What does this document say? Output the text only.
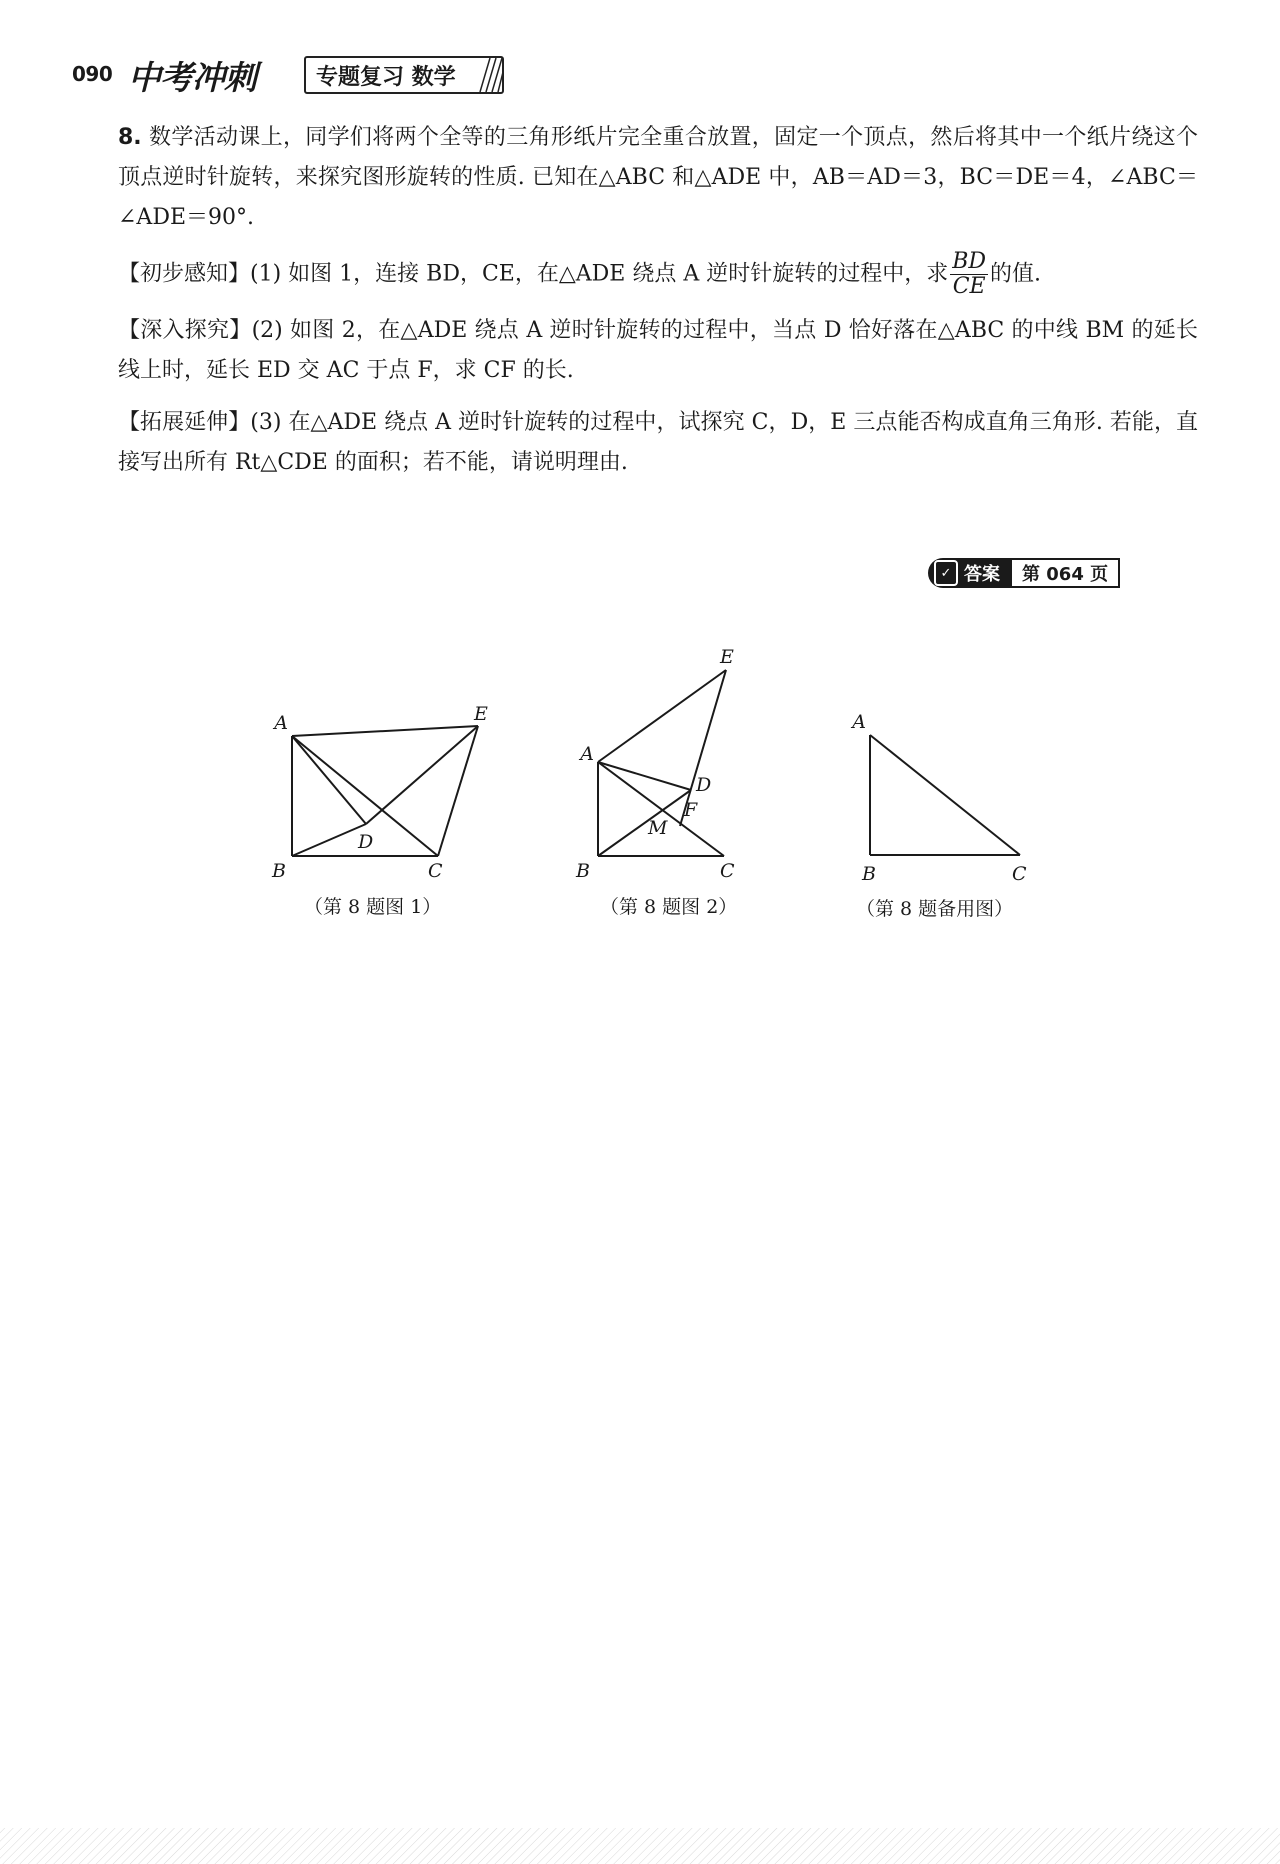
090 中考冲刺	专题复习 数学

8. 数学活动课上，同学们将两个全等的三角形纸片完全重合放置，固定一个顶点，然后将其中一个纸片绕这个顶点逆时针旋转，来探究图形旋转的性质. 已知在△ABC 和△ADE 中，AB＝AD＝3，BC＝DE＝4，∠ABC＝∠ADE＝90°.

【初步感知】(1) 如图 1，连接 BD，CE，在△ADE 绕点 A 逆时针旋转的过程中，求 $\frac{BD}{CE}$ 的值.

【深入探究】(2) 如图 2，在△ADE 绕点 A 逆时针旋转的过程中，当点 D 恰好落在△ABC 的中线 BM 的延长线上时，延长 ED 交 AC 于点 F，求 CF 的长.

【拓展延伸】(3) 在△ADE 绕点 A 逆时针旋转的过程中，试探究 C，D，E 三点能否构成直角三角形. 若能，直接写出所有 Rt△CDE 的面积；若不能，请说明理由.

✓ 答案 第 064 页
A	E
D
B	C
E
A
D
F
M
B	C
A
B	C
（第 8 题图 1）	（第 8 题图 2）	（第 8 题备用图）
